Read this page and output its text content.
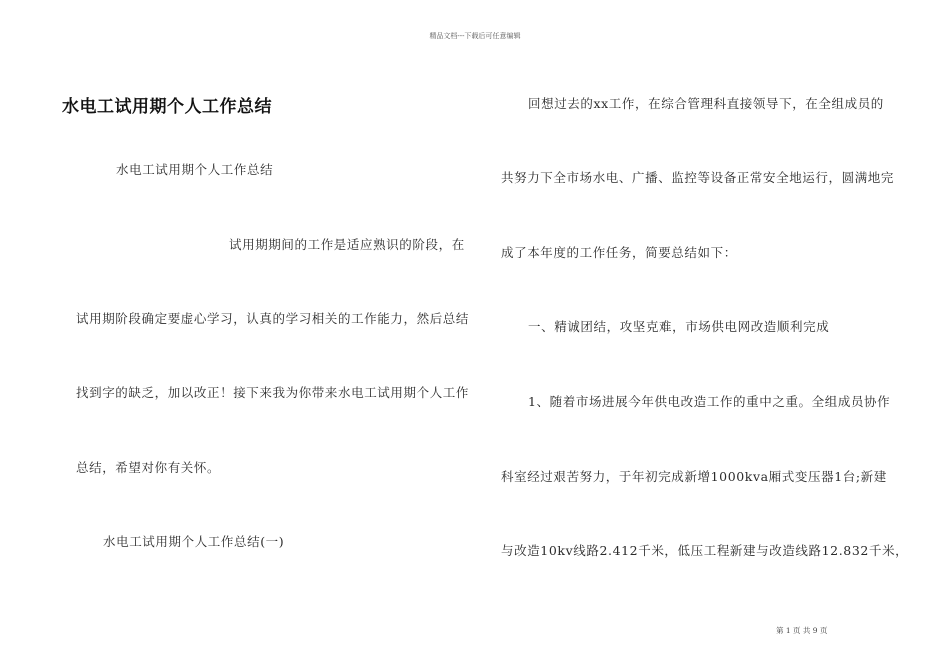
精品文档---下载后可任意编辑
水电工试用期个人工作总结
水电工试用期个人工作总结
试用期期间的工作是适应熟识的阶段，在
试用期阶段确定要虚心学习，认真的学习相关的工作能力，然后总结
找到字的缺乏，加以改正！接下来我为你带来水电工试用期个人工作
总结，希望对你有关怀。
水电工试用期个人工作总结(一)
回想过去的xx工作，在综合管理科直接领导下，在全组成员的
共努力下全市场水电、广播、监控等设备正常安全地运行，圆满地完
成了本年度的工作任务，简要总结如下：
一、精诚团结，攻坚克难，市场供电网改造顺利完成
1、随着市场进展今年供电改造工作的重中之重。全组成员协作
科室经过艰苦努力，于年初完成新增1000kva厢式变压器1台;新建
与改造10kv线路2.412千米，低压工程新建与改造线路12.832千米，
第 1 页 共 9 页
